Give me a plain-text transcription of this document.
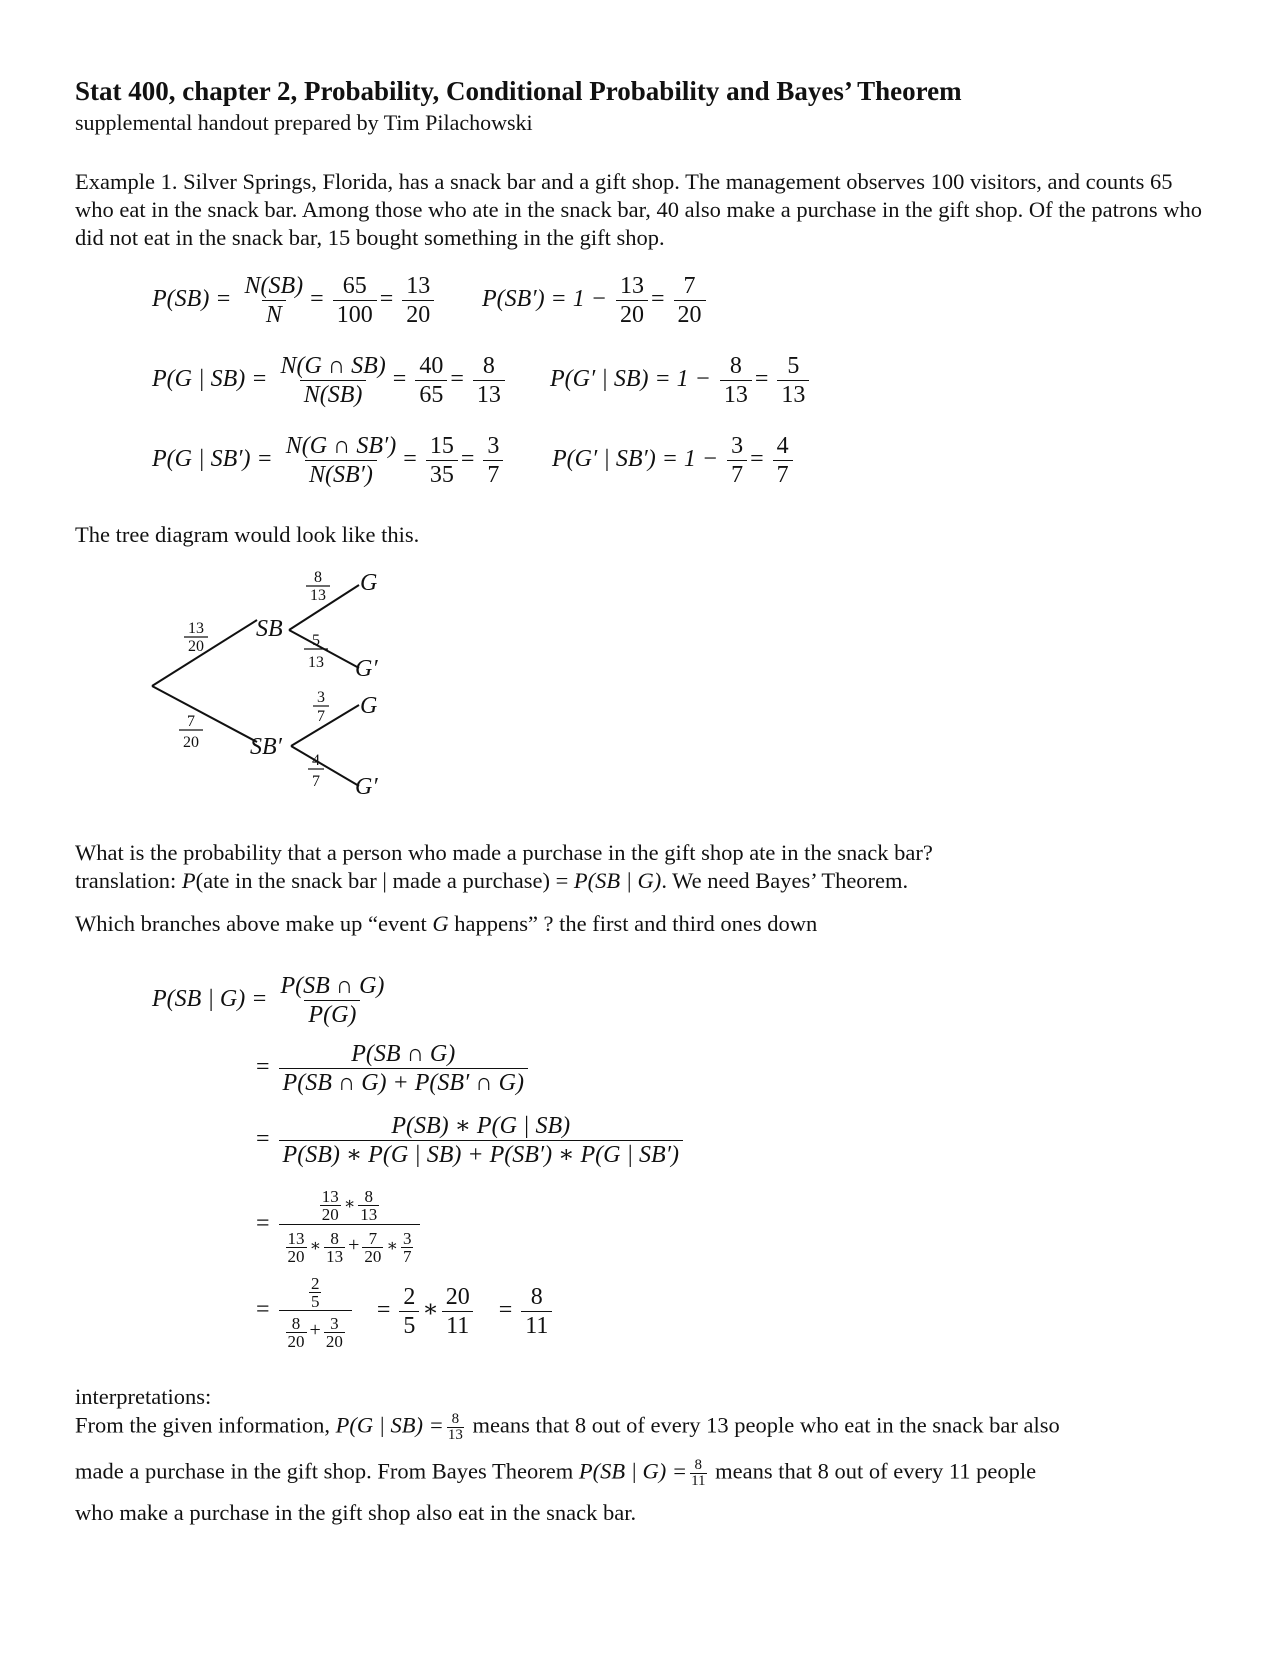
Stat 400, chapter 2, Probability, Conditional Probability and Bayes’ Theorem
supplemental handout prepared by Tim Pilachowski
Example 1. Silver Springs, Florida, has a snack bar and a gift shop. The management observes 100 visitors, and counts 65 who eat in the snack bar. Among those who ate in the snack bar, 40 also make a purchase in the gift shop. Of the patrons who did not eat in the snack bar, 15 bought something in the gift shop.
$P(SB) = \frac{N(SB)}{N} = \frac{65}{100} = \frac{13}{20} P(SB') = 1 - \frac{13}{20} = \frac{7}{20}$
P(G | $SB) = \frac{N(G \cap SB)}{N(SB)} = \frac{40}{65} = \frac{8}{13} P(G'$ | $SB) = 1 - \frac{8}{13} = \frac{5}{13}$
P(G | $SB') = \frac{N(G \cap SB')}{N(SB')} = \frac{15}{35} = \frac{3}{7} P(G'$ | $SB') = 1 - \frac{3}{7} = \frac{4}{7}$
The tree diagram would look like this.
SB
SB′
G
G′
G
G′
13
20
7
20
8
13
5
13
3
7
4
7
What is the probability that a person who made a purchase in the gift shop ate in the snack bar?
translation: P(ate in the snack bar | made a purchase) = P(SB | G). We need Bayes’ Theorem.
Which branches above make up “event G happens” ? the first and third ones down
P(SB | $G) = \frac{P(SB \cap G)}{P(G)}$
= $\frac{P(SB \cap G)}{P(SB \cap G) + P(SB' \cap G)}$
= $\frac{P(SB) ∗ P(G | SB)}{P(SB) ∗ P(G | SB) + P(SB') ∗ P(G | SB')}$
= $\frac{\frac{13}{20} ∗ \frac{8}{13}}{\frac{13}{20} ∗ \frac{8}{13} + \frac{7}{20} ∗ \frac{3}{7}}$
= $\frac{\frac{2}{5}}{\frac{8}{20} + \frac{3}{20}} = \frac{2}{5}$ ∗ $\frac{20}{11} = \frac{8}{11}$
interpretations:
From the given information, P(G | $SB) = \frac{8}{13}$ means that 8 out of every 13 people who eat in the snack bar also
made a purchase in the gift shop. From Bayes Theorem P(SB | $G) = \frac{8}{11}$ means that 8 out of every 11 people
who make a purchase in the gift shop also eat in the snack bar.
